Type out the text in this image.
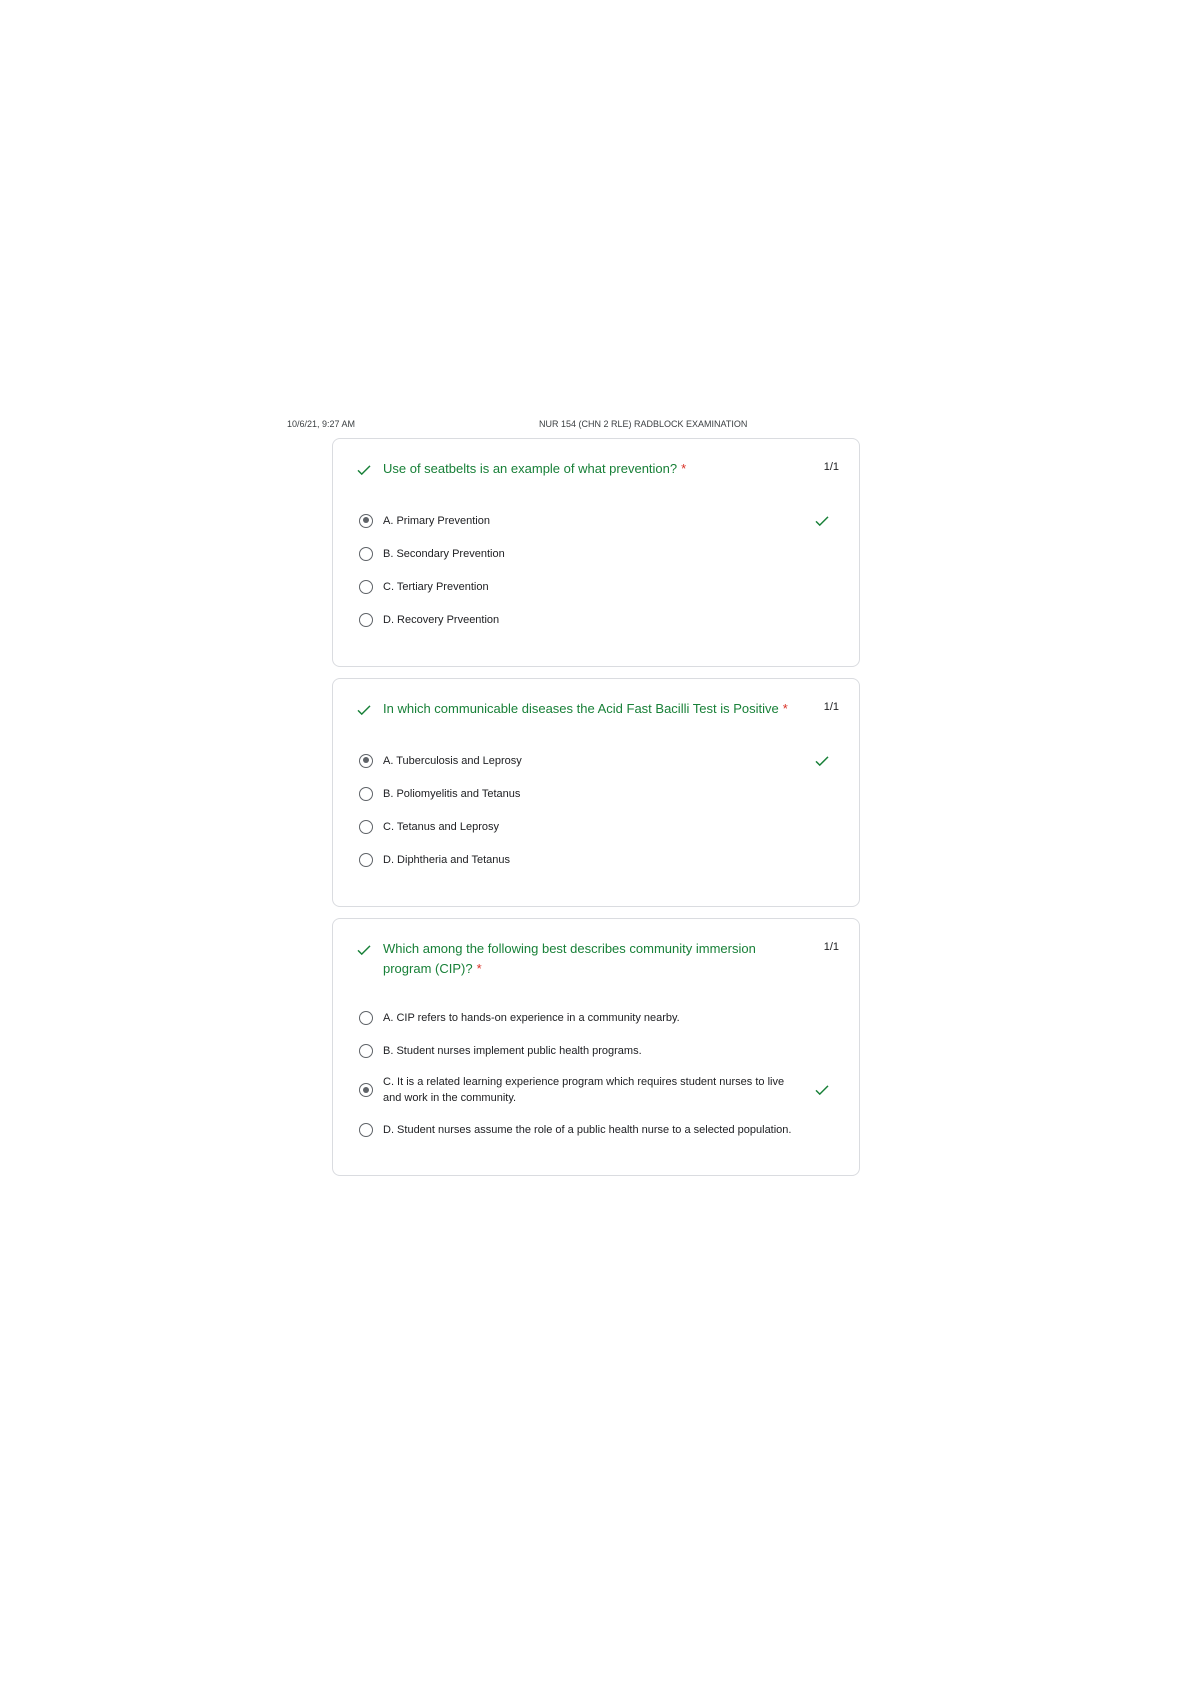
10/6/21, 9:27 AM	NUR 154 (CHN 2 RLE) RADBLOCK EXAMINATION
Use of seatbelts is an example of what prevention? *	1/1
A. Primary Prevention
B. Secondary Prevention
C. Tertiary Prevention
D. Recovery Prveention
In which communicable diseases the Acid Fast Bacilli Test is Positive *	1/1
A. Tuberculosis and Leprosy
B. Poliomyelitis and Tetanus
C. Tetanus and Leprosy
D. Diphtheria and Tetanus
Which among the following best describes community immersion program (CIP)? *
1/1
A. CIP refers to hands-on experience in a community nearby.
B. Student nurses implement public health programs.
C. It is a related learning experience program which requires student nurses to live and work in the community.
D. Student nurses assume the role of a public health nurse to a selected population.
